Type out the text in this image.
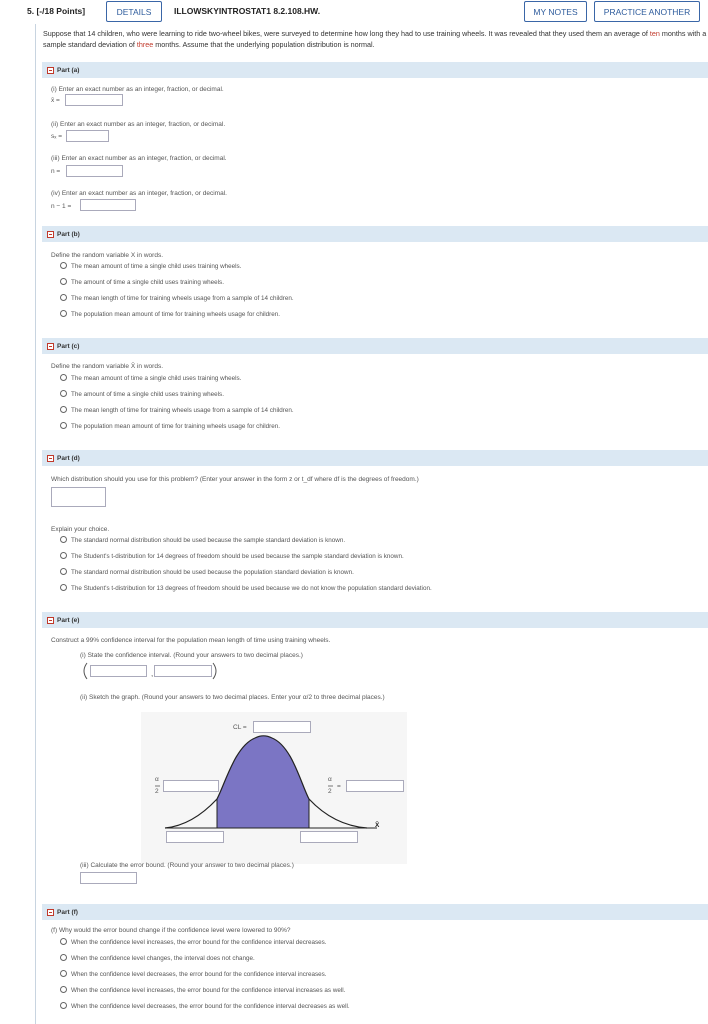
5. [-/18 Points]	DETAILS	ILLOWSKYINTROSTAT1 8.2.108.HW.	MY NOTES	PRACTICE ANOTHER
Suppose that 14 children, who were learning to ride two-wheel bikes, were surveyed to determine how long they had to use training wheels. It was revealed that they used them an average of ten months with a sample standard deviation of three months. Assume that the underlying population distribution is normal.
Part (a)
(i) Enter an exact number as an integer, fraction, or decimal.
x̄ =
(ii) Enter an exact number as an integer, fraction, or decimal.
sₓ =
(iii) Enter an exact number as an integer, fraction, or decimal.
n =
(iv) Enter an exact number as an integer, fraction, or decimal.
n − 1 =
Part (b)
Define the random variable X in words.
The mean amount of time a single child uses training wheels.
The amount of time a single child uses training wheels.
The mean length of time for training wheels usage from a sample of 14 children.
The population mean amount of time for training wheels usage for children.
Part (c)
Define the random variable X̄ in words.
The mean amount of time a single child uses training wheels.
The amount of time a single child uses training wheels.
The mean length of time for training wheels usage from a sample of 14 children.
The population mean amount of time for training wheels usage for children.
Part (d)
Which distribution should you use for this problem? (Enter your answer in the form z or t_df where df is the degrees of freedom.)
Explain your choice.
The standard normal distribution should be used because the sample standard deviation is known.
The Student's t-distribution for 14 degrees of freedom should be used because the sample standard deviation is known.
The standard normal distribution should be used because the population standard deviation is known.
The Student's t-distribution for 13 degrees of freedom should be used because we do not know the population standard deviation.
Part (e)
Construct a 99% confidence interval for the population mean length of time using training wheels.
(i) State the confidence interval. (Round your answers to two decimal places.)
,
(ii) Sketch the graph. (Round your answers to two decimal places. Enter your α/2 to three decimal places.)
CL =
α
2
α
2
=
X̄
(iii) Calculate the error bound. (Round your answer to two decimal places.)
Part (f)
(f) Why would the error bound change if the confidence level were lowered to 90%?
When the confidence level increases, the error bound for the confidence interval decreases.
When the confidence level changes, the interval does not change.
When the confidence level decreases, the error bound for the confidence interval increases.
When the confidence level increases, the error bound for the confidence interval increases as well.
When the confidence level decreases, the error bound for the confidence interval decreases as well.
